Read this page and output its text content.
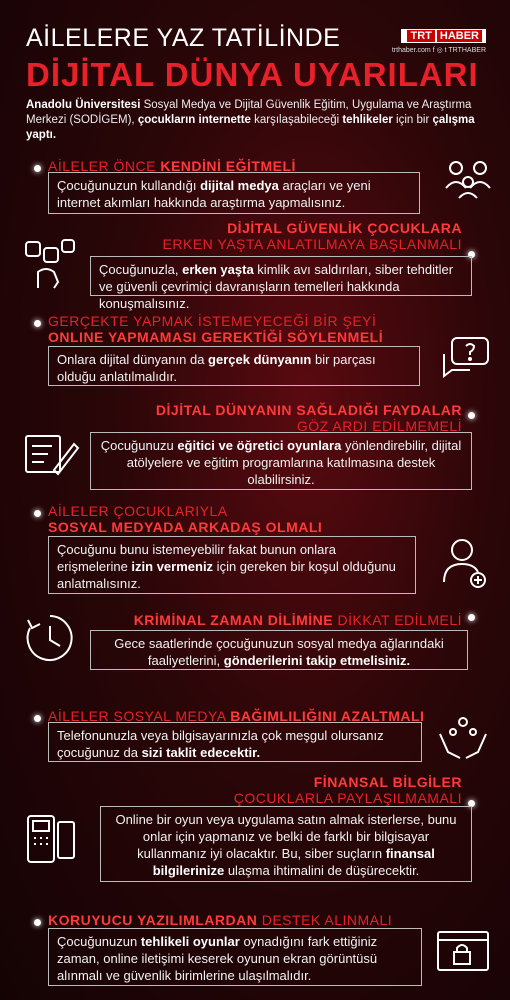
AİLELERE YAZ TATİLİNDE
DİJİTAL DÜNYA UYARILARI
TRT HABER
trthaber.com f ◎ t TRTHABER
Anadolu Üniversitesi Sosyal Medya ve Dijital Güvenlik Eğitim, Uygulama ve Araştırma Merkezi (SODİGEM), çocukların internette karşılaşabileceği tehlikeler için bir çalışma yaptı.
AİLELER ÖNCE KENDİNİ EĞİTMELİ
Çocuğunuzun kullandığı dijital medya araçları ve yeni internet akımları hakkında araştırma yapmalısınız.
DİJİTAL GÜVENLİK ÇOCUKLARA
ERKEN YAŞTA ANLATILMAYA BAŞLANMALI
Çocuğunuzla, erken yaşta kimlik avı saldırıları, siber tehditler ve güvenli çevrimiçi davranışların temelleri hakkında konuşmalısınız.
GERÇEKTE YAPMAK İSTEMEYECEĞİ BİR ŞEYİ
ONLINE YAPMAMASI GEREKTİĞİ SÖYLENMELİ
Onlara dijital dünyanın da gerçek dünyanın bir parçası olduğu anlatılmalıdır.
DİJİTAL DÜNYANIN SAĞLADIĞI FAYDALAR
GÖZ ARDI EDİLMEMELİ
Çocuğunuzu eğitici ve öğretici oyunlara yönlendirebilir, dijital atölyelere ve eğitim programlarına katılmasına destek olabilirsiniz.
AİLELER ÇOCUKLARIYLA
SOSYAL MEDYADA ARKADAŞ OLMALI
Çocuğunu bunu istemeyebilir fakat bunun onlara erişmelerine izin vermeniz için gereken bir koşul olduğunu anlatmalısınız.
KRİMİNAL ZAMAN DİLİMİNE DİKKAT EDİLMELİ
Gece saatlerinde çocuğunuzun sosyal medya ağlarındaki faaliyetlerini, gönderilerini takip etmelisiniz.
AİLELER SOSYAL MEDYA BAĞIMLILIĞINI AZALTMALI
Telefonunuzla veya bilgisayarınızla çok meşgul olursanız çocuğunuz da sizi taklit edecektir.
FİNANSAL BİLGİLER
ÇOCUKLARLA PAYLAŞILMAMALI
Online bir oyun veya uygulama satın almak isterlerse, bunu onlar için yapmanız ve belki de farklı bir bilgisayar kullanmanız iyi olacaktır. Bu, siber suçların finansal bilgilerinize ulaşma ihtimalini de düşürecektir.
KORUYUCU YAZILIMLARDAN DESTEK ALINMALI
Çocuğunuzun tehlikeli oyunlar oynadığını fark ettiğiniz zaman, online iletişimi keserek oyunun ekran görüntüsü alınmalı ve güvenlik birimlerine ulaşılmalıdır.
